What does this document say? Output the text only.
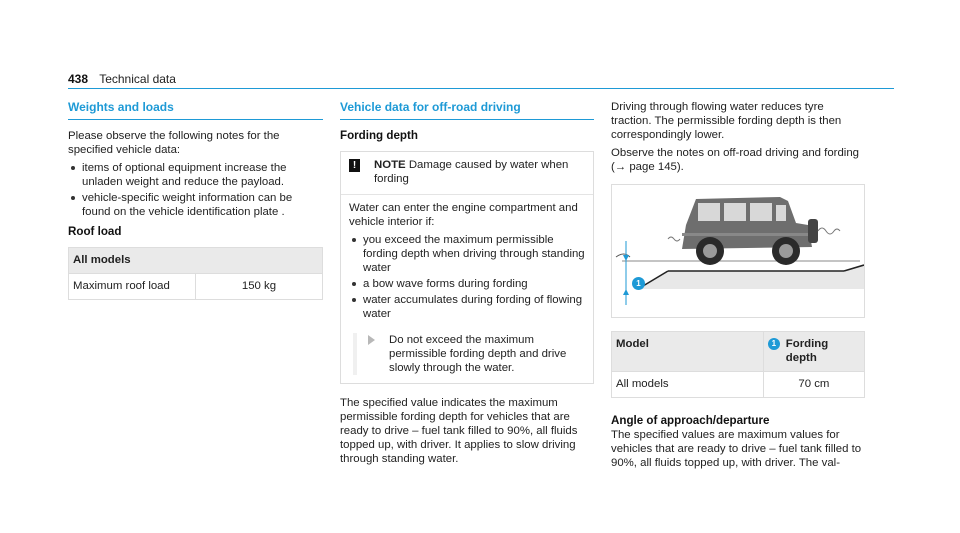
438 Technical data
Weights and loads

Please observe the following notes for the specified vehicle data:

items of optional equipment increase the unladen weight and reduce the payload.
vehicle-specific weight information can be found on the vehicle identification plate .
Roof load
All models
Maximum roof load	150 kg
Vehicle data for off-road driving
Fording depth
!	NOTE Damage caused by water when fording

Water can enter the engine compartment and vehicle interior if:

you exceed the maximum permissible fording depth when driving through standing water
a bow wave forms during fording
water accumulates during fording of flowing water
Do not exceed the maximum permissible fording depth and drive slowly through the water.

The specified value indicates the maximum permissible fording depth for vehicles that are ready to drive – fuel tank filled to 90%, all fluids topped up, with driver. It applies to slow driving through standing water.

Driving through flowing water reduces tyre traction. The permissible fording depth is then correspondingly lower.

Observe the notes on off-road driving and fording (→ page 145).

1
Model	1 Fording depth
All models	70 cm
Angle of approach/departure

The specified values are maximum values for vehicles that are ready to drive – fuel tank filled to 90%, all fluids topped up, with driver. The val-
